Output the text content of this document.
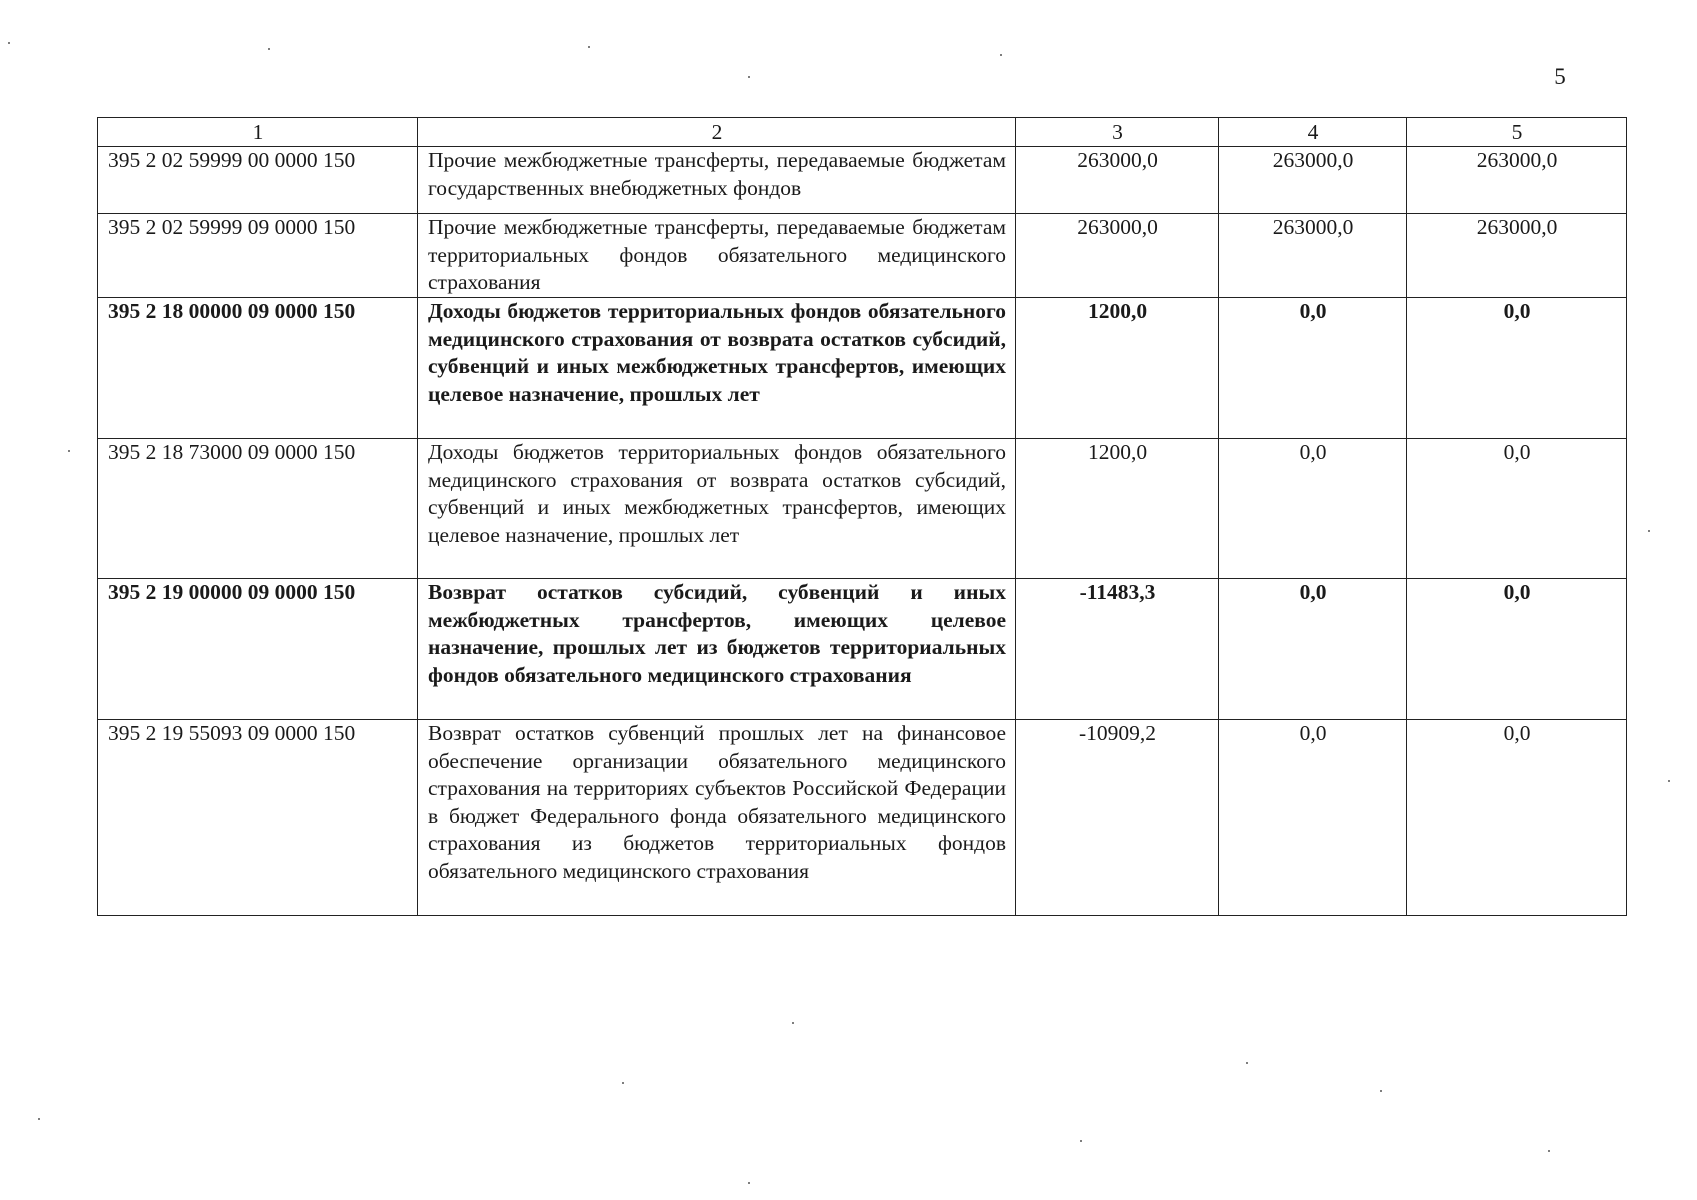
5
1	2	3	4	5
395 2 02 59999 00 0000 150	Прочие межбюджетные трансферты, передаваемые бюджетам государственных внебюджетных фондов	263000,0	263000,0	263000,0
395 2 02 59999 09 0000 150	Прочие межбюджетные трансферты, передаваемые бюджетам территориальных фондов обязательного медицинского страхования	263000,0	263000,0	263000,0
395 2 18 00000 09 0000 150	Доходы бюджетов территориальных фондов обязательного медицинского страхования от возврата остатков субсидий, субвенций и иных межбюджетных трансфертов, имеющих целевое назначение, прошлых лет	1200,0	0,0	0,0
395 2 18 73000 09 0000 150	Доходы бюджетов территориальных фондов обязательного медицинского страхования от возврата остатков субсидий, субвенций и иных межбюджетных трансфертов, имеющих целевое назначение, прошлых лет	1200,0	0,0	0,0
395 2 19 00000 09 0000 150	Возврат остатков субсидий, субвенций и иных межбюджетных трансфертов, имеющих целевое назначение, прошлых лет из бюджетов территориальных фондов обязательного медицинского страхования	-11483,3	0,0	0,0
395 2 19 55093 09 0000 150	Возврат остатков субвенций прошлых лет на финансовое обеспечение организации обязательного медицинского страхования на территориях субъектов Российской Федерации в бюджет Федерального фонда обязательного медицинского страхования из бюджетов территориальных фондов обязательного медицинского страхования	-10909,2	0,0	0,0
